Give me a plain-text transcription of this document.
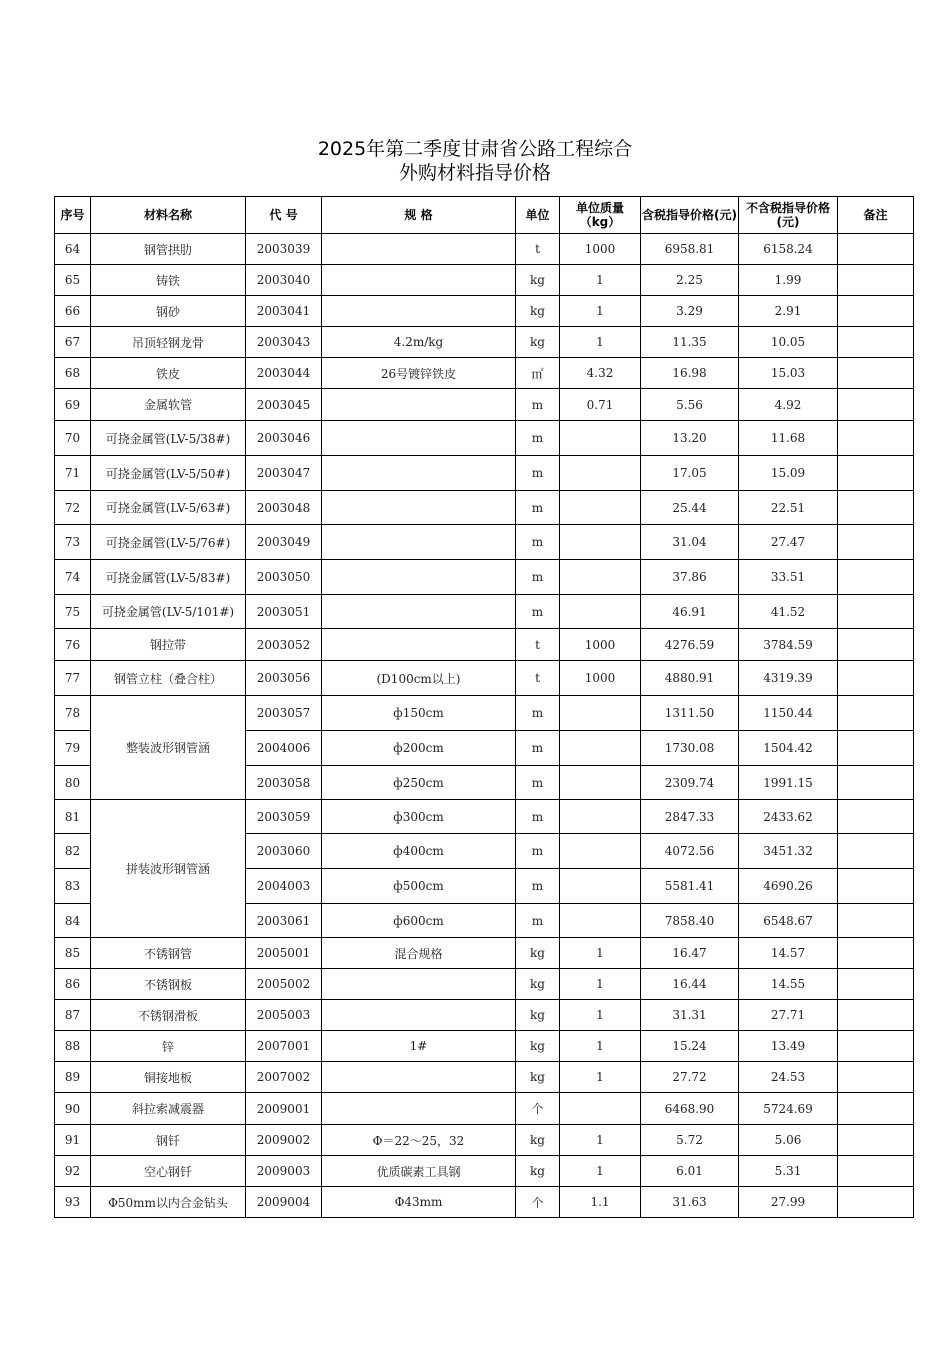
2025年第二季度甘肃省公路工程综合
外购材料指导价格
序号	材料名称	代 号	规 格	单位	单位质量（kg）	含税指导价格(元)	不含税指导价格(元)	备注
64	钢管拱肋	2003039		t	1000	6958.81	6158.24	
65	铸铁	2003040		kg	1	2.25	1.99	
66	钢砂	2003041		kg	1	3.29	2.91	
67	吊顶轻钢龙骨	2003043	4.2m/kg	kg	1	11.35	10.05	
68	铁皮	2003044	26号镀锌铁皮	㎡	4.32	16.98	15.03	
69	金属软管	2003045		m	0.71	5.56	4.92	
70	可挠金属管(LV-5/38#)	2003046		m		13.20	11.68	
71	可挠金属管(LV-5/50#)	2003047		m		17.05	15.09	
72	可挠金属管(LV-5/63#)	2003048		m		25.44	22.51	
73	可挠金属管(LV-5/76#)	2003049		m		31.04	27.47	
74	可挠金属管(LV-5/83#)	2003050		m		37.86	33.51	
75	可挠金属管(LV-5/101#)	2003051		m		46.91	41.52	
76	钢拉带	2003052		t	1000	4276.59	3784.59	
77	钢管立柱（叠合柱）	2003056	(D100cm以上)	t	1000	4880.91	4319.39	
78	整装波形钢管涵	2003057	ф150cm	m		1311.50	1150.44	
79		2004006	ф200cm	m		1730.08	1504.42	
80		2003058	ф250cm	m		2309.74	1991.15	
81	拼装波形钢管涵	2003059	ф300cm	m		2847.33	2433.62	
82		2003060	ф400cm	m		4072.56	3451.32	
83		2004003	ф500cm	m		5581.41	4690.26	
84		2003061	ф600cm	m		7858.40	6548.67	
85	不锈钢管	2005001	混合规格	kg	1	16.47	14.57	
86	不锈钢板	2005002		kg	1	16.44	14.55	
87	不锈钢滑板	2005003		kg	1	31.31	27.71	
88	锌	2007001	1#	kg	1	15.24	13.49	
89	铜接地板	2007002		kg	1	27.72	24.53	
90	斜拉索减震器	2009001		个		6468.90	5724.69	
91	钢钎	2009002	Φ＝22～25，32	kg	1	5.72	5.06	
92	空心钢钎	2009003	优质碳素工具钢	kg	1	6.01	5.31	
93	Φ50mm以内合金钻头	2009004	Φ43mm	个	1.1	31.63	27.99	
